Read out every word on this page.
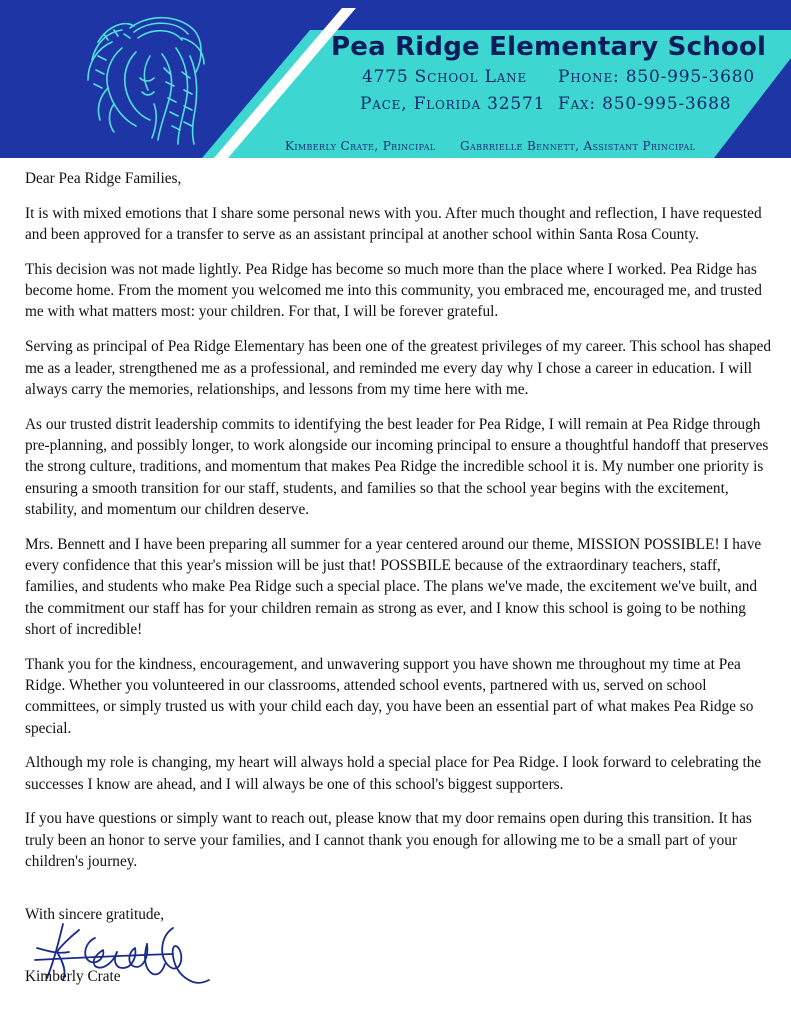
Pea Ridge Elementary School
4775 School Lane
Pace, Florida 32571
Phone: 850-995-3680
Fax: 850-995-3688
Kimberly Crate, Principal Gabrrielle Bennett, Assistant Principal

Dear Pea Ridge Families,

It is with mixed emotions that I share some personal news with you. After much thought and reflection, I have requested and been approved for a transfer to serve as an assistant principal at another school within Santa Rosa County.

This decision was not made lightly. Pea Ridge has become so much more than the place where I worked. Pea Ridge has become home. From the moment you welcomed me into this community, you embraced me, encouraged me, and trusted me with what matters most: your children. For that, I will be forever grateful.

Serving as principal of Pea Ridge Elementary has been one of the greatest privileges of my career. This school has shaped me as a leader, strengthened me as a professional, and reminded me every day why I chose a career in education. I will always carry the memories, relationships, and lessons from my time here with me.

As our trusted distrit leadership commits to identifying the best leader for Pea Ridge, I will remain at Pea Ridge through pre-planning, and possibly longer, to work alongside our incoming principal to ensure a thoughtful handoff that preserves the strong culture, traditions, and momentum that makes Pea Ridge the incredible school it is. My number one priority is ensuring a smooth transition for our staff, students, and families so that the school year begins with the excitement, stability, and momentum our children deserve.

Mrs. Bennett and I have been preparing all summer for a year centered around our theme, MISSION POSSIBLE! I have every confidence that this year's mission will be just that! POSSBILE because of the extraordinary teachers, staff, families, and students who make Pea Ridge such a special place. The plans we've made, the excitement we've built, and the commitment our staff has for your children remain as strong as ever, and I know this school is going to be nothing short of incredible!

Thank you for the kindness, encouragement, and unwavering support you have shown me throughout my time at Pea Ridge. Whether you volunteered in our classrooms, attended school events, partnered with us, served on school committees, or simply trusted us with your child each day, you have been an essential part of what makes Pea Ridge so special.

Although my role is changing, my heart will always hold a special place for Pea Ridge. I look forward to celebrating the successes I know are ahead, and I will always be one of this school's biggest supporters.

If you have questions or simply want to reach out, please know that my door remains open during this transition. It has truly been an honor to serve your families, and I cannot thank you enough for allowing me to be a small part of your children's journey.

With sincere gratitude,
Kimberly Crate
